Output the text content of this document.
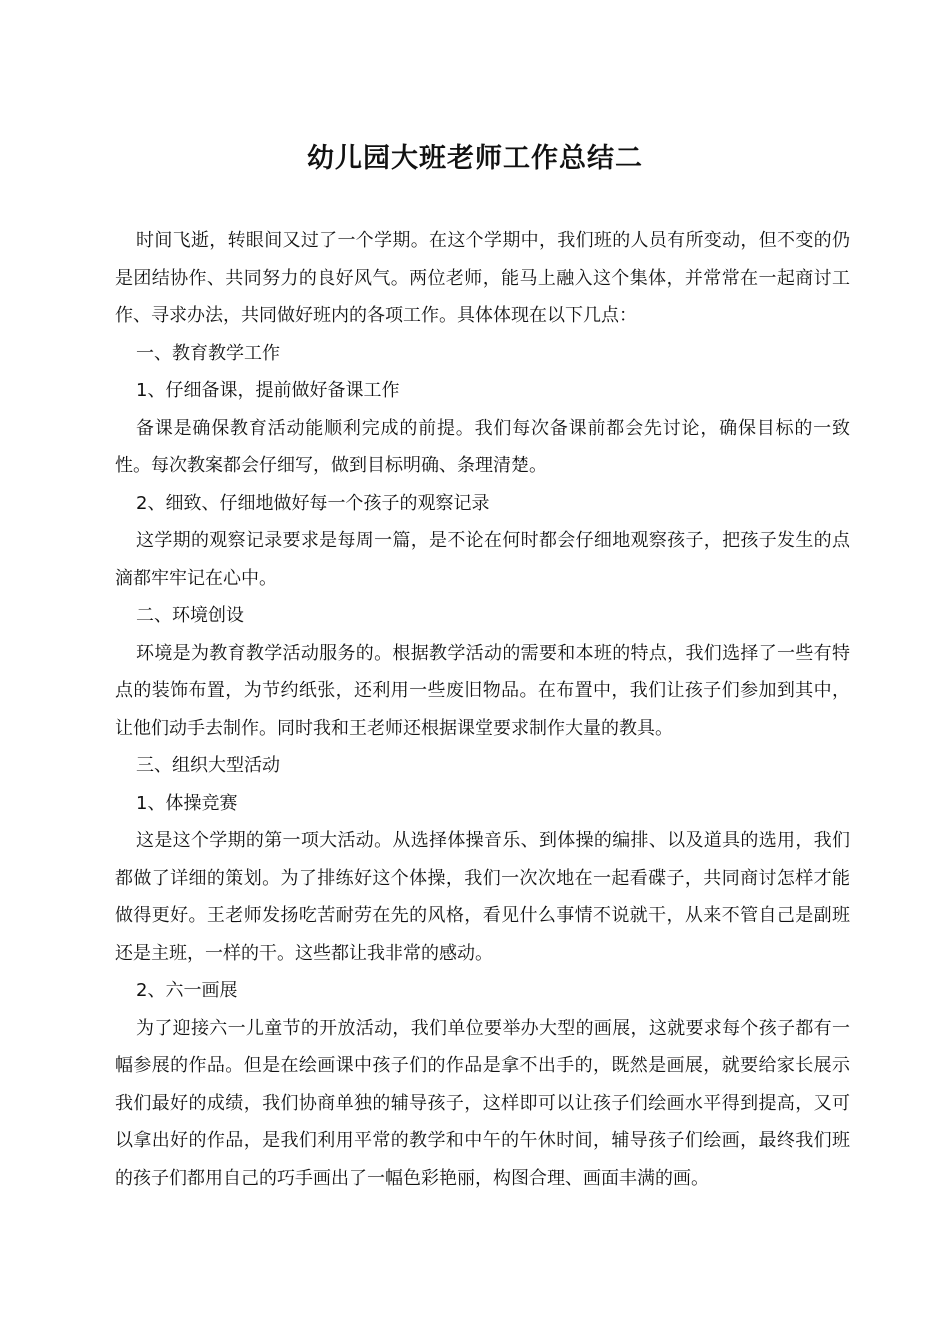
幼儿园大班老师工作总结二

时间飞逝，转眼间又过了一个学期。在这个学期中，我们班的人员有所变动，但不变的仍是团结协作、共同努力的良好风气。两位老师，能马上融入这个集体，并常常在一起商讨工作、寻求办法，共同做好班内的各项工作。具体体现在以下几点：

一、教育教学工作

1、仔细备课，提前做好备课工作

备课是确保教育活动能顺利完成的前提。我们每次备课前都会先讨论，确保目标的一致性。每次教案都会仔细写，做到目标明确、条理清楚。

2、细致、仔细地做好每一个孩子的观察记录

这学期的观察记录要求是每周一篇，是不论在何时都会仔细地观察孩子，把孩子发生的点滴都牢牢记在心中。

二、环境创设

环境是为教育教学活动服务的。根据教学活动的需要和本班的特点，我们选择了一些有特点的装饰布置，为节约纸张，还利用一些废旧物品。在布置中，我们让孩子们参加到其中，让他们动手去制作。同时我和王老师还根据课堂要求制作大量的教具。

三、组织大型活动

1、体操竞赛

这是这个学期的第一项大活动。从选择体操音乐、到体操的编排、以及道具的选用，我们都做了详细的策划。为了排练好这个体操，我们一次次地在一起看碟子，共同商讨怎样才能做得更好。王老师发扬吃苦耐劳在先的风格，看见什么事情不说就干，从来不管自己是副班还是主班，一样的干。这些都让我非常的感动。

2、六一画展

为了迎接六一儿童节的开放活动，我们单位要举办大型的画展，这就要求每个孩子都有一幅参展的作品。但是在绘画课中孩子们的作品是拿不出手的，既然是画展，就要给家长展示我们最好的成绩，我们协商单独的辅导孩子，这样即可以让孩子们绘画水平得到提高，又可以拿出好的作品，是我们利用平常的教学和中午的午休时间，辅导孩子们绘画，最终我们班的孩子们都用自己的巧手画出了一幅色彩艳丽，构图合理、画面丰满的画。
